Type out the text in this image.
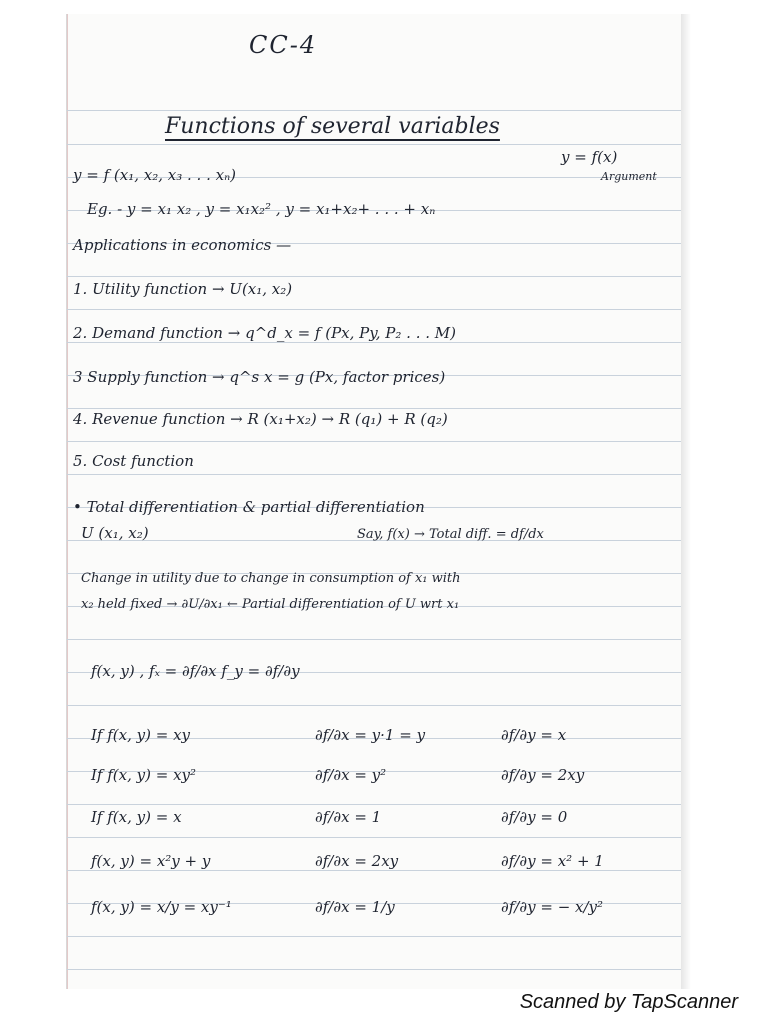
CC-4
Functions of several variables
y = f (x₁, x₂, x₃ . . . xₙ)
y = f(x)
Argument
Eg. - y = x₁ x₂ , y = x₁x₂² , y = x₁+x₂+ . . . + xₙ
Applications in economics —
1. Utility function → U(x₁, x₂)
2. Demand function → q^d_x = f (Px, Py, P₂ . . . M)
3 Supply function → q^s x = g (Px, factor prices)
4. Revenue function → R (x₁+x₂) → R (q₁) + R (q₂)
5. Cost function
• Total differentiation & partial differentiation
U (x₁, x₂)	Say, f(x) → Total diff. = df/dx
Change in utility due to change in consumption of x₁ with
x₂ held fixed → ∂U/∂x₁ ← Partial differentiation of U wrt x₁
f(x, y) , fₓ = ∂f/∂x f_y = ∂f/∂y
If f(x, y) = xy	∂f/∂x = y·1 = y	∂f/∂y = x
If f(x, y) = xy²	∂f/∂x = y²	∂f/∂y = 2xy
If f(x, y) = x	∂f/∂x = 1	∂f/∂y = 0
f(x, y) = x²y + y	∂f/∂x = 2xy	∂f/∂y = x² + 1
f(x, y) = x/y = xy⁻¹	∂f/∂x = 1/y	∂f/∂y = − x/y²
Scanned by TapScanner
